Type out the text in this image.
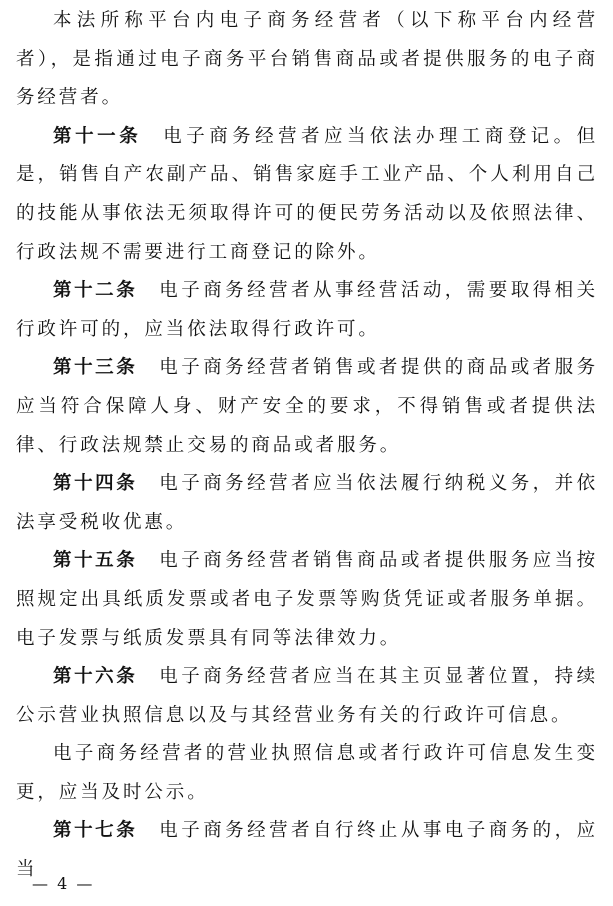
本法所称平台内电子商务经营者（以下称平台内经营者），是指通过电子商务平台销售商品或者提供服务的电子商务经营者。

第十一条 电子商务经营者应当依法办理工商登记。但是，销售自产农副产品、销售家庭手工业产品、个人利用自己的技能从事依法无须取得许可的便民劳务活动以及依照法律、行政法规不需要进行工商登记的除外。

第十二条 电子商务经营者从事经营活动，需要取得相关行政许可的，应当依法取得行政许可。

第十三条 电子商务经营者销售或者提供的商品或者服务应当符合保障人身、财产安全的要求，不得销售或者提供法律、行政法规禁止交易的商品或者服务。

第十四条 电子商务经营者应当依法履行纳税义务，并依法享受税收优惠。

第十五条 电子商务经营者销售商品或者提供服务应当按照规定出具纸质发票或者电子发票等购货凭证或者服务单据。电子发票与纸质发票具有同等法律效力。

第十六条 电子商务经营者应当在其主页显著位置，持续公示营业执照信息以及与其经营业务有关的行政许可信息。

电子商务经营者的营业执照信息或者行政许可信息发生变更，应当及时公示。

第十七条 电子商务经营者自行终止从事电子商务的，应当

— 4 —
